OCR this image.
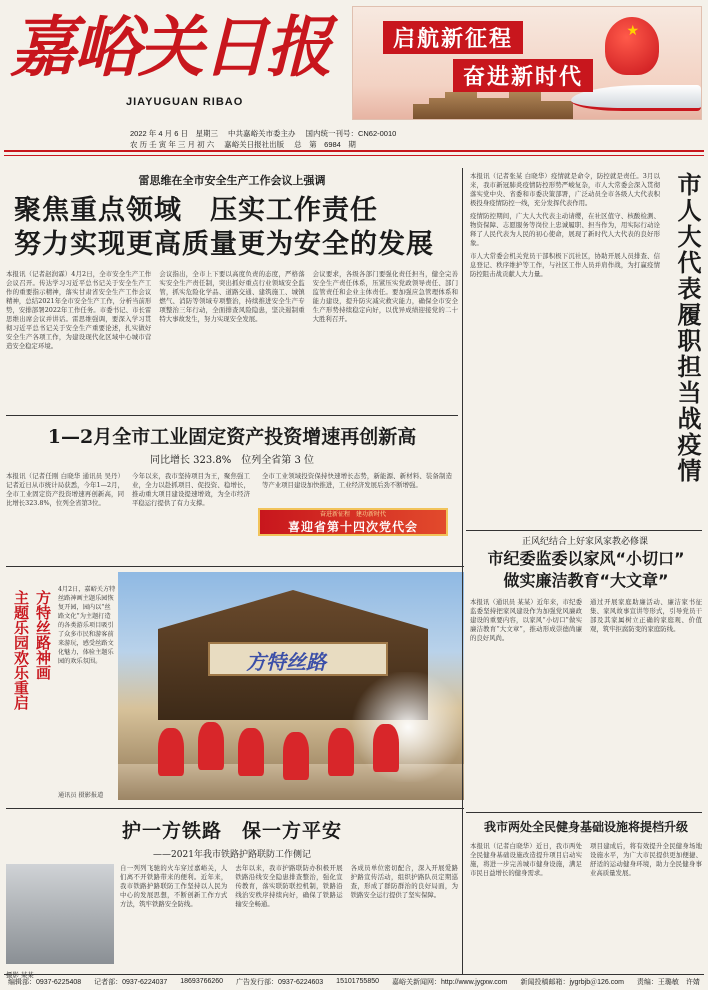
嘉峪关日报
JIAYUGUAN RIBAO
2022 年 4 月 6 日　星期三 中共嘉峪关市委主办 国内统一刊号：CN62-0010
农 历 壬 寅 年 三 月 初 六 嘉峪关日报社出版 总　第　6984　期
★
启航新征程
奋进新时代
雷思维在全市安全生产工作会议上强调
聚焦重点领域　压实工作责任
努力实现更高质量更为安全的发展

本报讯（记者赵润霖）4月2日，全市安全生产工作会议召开。传达学习习近平总书记关于安全生产工作的重要指示精神，落实甘肃省安全生产工作会议精神，总结2021年全市安全生产工作，分析当前形势，安排部署2022年工作任务。市委书记、市长雷思维出席会议并讲话。雷思维强调，要深入学习贯彻习近平总书记关于安全生产重要论述，扎实做好安全生产各项工作，为建设现代化区域中心城市营造安全稳定环境。

会议指出，全市上下要以高度负责的态度，严格落实安全生产责任制，突出抓好重点行业领域安全监管，抓实危险化学品、道路交通、建筑施工、城镇燃气、消防等领域专项整治，持续推进安全生产专项整治三年行动，全面排查风险隐患，坚决遏制重特大事故发生，努力实现安全发展。

会议要求，各级各部门要强化责任担当，健全完善安全生产责任体系，压紧压实党政领导责任、部门监管责任和企业主体责任。要加强应急管理体系和能力建设，提升防灾减灾救灾能力，确保全市安全生产形势持续稳定向好，以优异成绩迎接党的二十大胜利召开。

1—2月全市工业固定资产投资增速再创新高
同比增长 323.8%　位列全省第 3 位

本报讯（记者任刚 白晓华 通讯员 吴丹）记者近日从市统计局获悉，今年1—2月，全市工业固定资产投资增速再创新高，同比增长323.8%，位列全省第3位。

今年以来，我市坚持项目为王，聚焦强工业，全力以赴抓项目、促投资、稳增长，推动重大项目建设提速增效，为全市经济平稳运行提供了有力支撑。

全市工业领域投资保持快速增长态势，新能源、新材料、装备制造等产业项目建设加快推进，工业经济发展后劲不断增强。

奋进新征程　建功新时代
喜迎省第十四次党代会
主题乐园欢乐重启 方特丝路神画

4月2日，嘉峪关方特丝路神画主题乐园恢复开园，园内以“丝路文化”为主题打造的各类游乐项目吸引了众多市民和游客前来游玩，感受丝路文化魅力，体验主题乐园的欢乐氛围。

通讯员 摄影报道
方特丝路
护一方铁路　保一方平安
——2021年我市铁路护路联防工作侧记
摄影 某某

自一列列飞驰的火车穿过嘉峪关，人们离不开铁路带来的便利。近年来，我市铁路护路联防工作坚持以人民为中心的发展思想，不断创新工作方式方法，筑牢铁路安全防线。

去年以来，我市护路联防办积极开展铁路沿线安全隐患排查整治，强化宣传教育，落实联防联控机制，铁路沿线治安秩序持续向好，确保了铁路运输安全畅通。

各成员单位密切配合，深入开展爱路护路宣传活动，组织护路队员定期巡查，形成了群防群治的良好局面，为铁路安全运行提供了坚实保障。

本报讯（记者张某 白晓华）疫情就是命令，防控就是责任。3月以来，我市新冠肺炎疫情防控形势严峻复杂，市人大常委会深入贯彻落实党中央、省委和市委决策部署，广泛动员全市各级人大代表积极投身疫情防控一线，充分发挥代表作用。

疫情防控期间，广大人大代表主动请缨，在社区值守、核酸检测、物资保障、志愿服务等岗位上忠诚履职、担当作为，用实际行动诠释了人民代表为人民的初心使命，展现了新时代人大代表的良好形象。

市人大常委会机关党员干部积极下沉社区，协助开展人员排查、信息登记、秩序维护等工作，与社区工作人员并肩作战，为打赢疫情防控阻击战贡献人大力量。	市人大代表履职担当战疫情
正风纪结合上好家风家教必修课
市纪委监委以家风“小切口”
做实廉洁教育“大文章”

本报讯（通讯员 某某）近年来，市纪委监委坚持把家风建设作为加强党风廉政建设的重要内容，以家风“小切口”做实廉洁教育“大文章”，推动形成崇德尚廉的良好风尚。

通过开展家庭助廉活动、廉洁家书征集、家风故事宣讲等形式，引导党员干部及其家属树立正确的家庭观、价值观，筑牢拒腐防变的家庭防线。

我市两处全民健身基础设施将提档升级

本报讯（记者白晓华）近日，我市两处全民健身基础设施改造提升项目启动实施，将进一步完善城市健身设施，满足市民日益增长的健身需求。

项目建成后，将有效提升全民健身场地设施水平，为广大市民提供更加便捷、舒适的运动健身环境，助力全民健身事业高质量发展。

编辑部：0937-6225408 记者部：0937-6224037 18693766260 广告发行部：0937-6224603 15101755850 嘉峪关新闻网：http://www.jygxw.com 新闻投稿邮箱：jygrbjb＠126.com 责编：王璐敏　许婧
